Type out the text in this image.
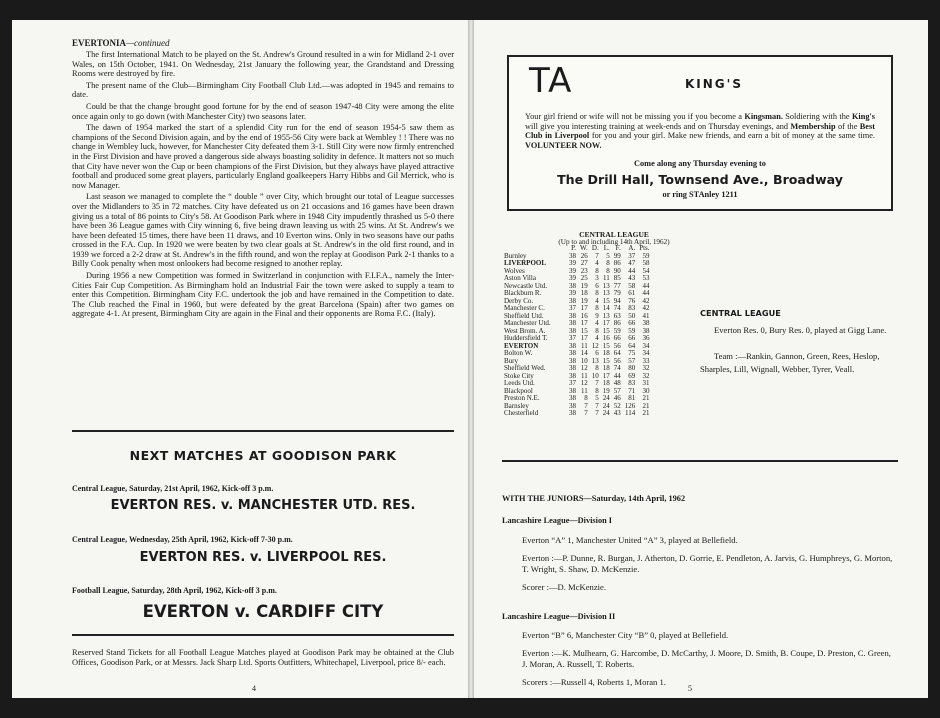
EVERTONIA—continued

The first International Match to be played on the St. Andrew's Ground resulted in a win for Midland 2-1 over Wales, on 15th October, 1941. On Wednesday, 21st January the following year, the Grandstand and Dressing Rooms were destroyed by fire.

The present name of the Club—Birmingham City Football Club Ltd.—was adopted in 1945 and remains to date.

Could be that the change brought good fortune for by the end of season 1947-48 City were among the elite once again only to go down (with Manchester City) two seasons later.

The dawn of 1954 marked the start of a splendid City run for the end of season 1954-5 saw them as champions of the Second Division again, and by the end of 1955-56 City were back at Wembley ! ! There was no change in Wembley luck, however, for Manchester City defeated them 3-1. Still City were now firmly entrenched in the First Division and have proved a dangerous side always boasting solidity in defence. It matters not so much that City have never won the Cup or been champions of the First Division, but they always have played attractive football and produced some great players, particularly England goalkeepers Harry Hibbs and Gil Merrick, who is now Manager.

Last season we managed to complete the “ double ” over City, which brought our total of League successes over the Midlanders to 35 in 72 matches. City have defeated us on 21 occasions and 16 games have been drawn giving us a total of 86 points to City's 58. At Goodison Park where in 1948 City impudently thrashed us 5-0 there have been 36 League games with City winning 6, five being drawn leaving us with 25 wins. At St. Andrew's we have been defeated 15 times, there have been 11 draws, and 10 Everton wins. Only in two seasons have our paths crossed in the F.A. Cup. In 1920 we were beaten by two clear goals at St. Andrew's in the old first round, and in 1939 we forced a 2-2 draw at St. Andrew's in the fifth round, and won the replay at Goodison Park 2-1 thanks to a Billy Cook penalty when most onlookers had become resigned to another replay.

During 1956 a new Competition was formed in Switzerland in conjunction with F.I.F.A., namely the Inter-Cities Fair Cup Competition. As Birmingham hold an Industrial Fair the town were asked to supply a team to enter this Competition. Birmingham City F.C. undertook the job and have remained in the Competition to date. The Club reached the Final in 1960, but were defeated by the great Barcelona (Spain) after two games on aggregate 4-1. At present, Birmingham City are again in the Final and their opponents are Roma F.C. (Italy).

NEXT MATCHES AT GOODISON PARK
Central League, Saturday, 21st April, 1962, Kick-off 3 p.m.
EVERTON RES. v. MANCHESTER UTD. RES.
Central League, Wednesday, 25th April, 1962, Kick-off 7-30 p.m.
EVERTON RES. v. LIVERPOOL RES.
Football League, Saturday, 28th April, 1962, Kick-off 3 p.m.
EVERTON v. CARDIFF CITY
Reserved Stand Tickets for all Football League Matches played at Goodison Park may be obtained at the Club Offices, Goodison Park, or at Messrs. Jack Sharp Ltd. Sports Outfitters, Whitechapel, Liverpool, price 8/- each.
4
TA	KING'S
Your girl friend or wife will not be missing you if you become a Kingsman. Soldiering with the King's will give you interesting training at week-ends and on Thursday evenings, and Membership of the Best Club in Liverpool for you and your girl. Make new friends, and earn a bit of money at the same time. VOLUNTEER NOW.
Come along any Thursday evening to
The Drill Hall, Townsend Ave., Broadway
or ring STAnley 1211
CENTRAL LEAGUE
(Up to and including 14th April, 1962)
	P.	W.	D.	L.	F.	A.	Pts.
Burnley	38	26	7	5	99	37	59
LIVERPOOL	39	27	4	8	86	47	58
Wolves	39	23	8	8	90	44	54
Aston Villa	39	25	3	11	85	43	53
Newcastle Utd.	38	19	6	13	77	58	44
Blackburn R.	39	18	8	13	79	61	44
Derby Co.	38	19	4	15	94	76	42
Manchester C.	37	17	8	14	74	83	42
Sheffield Utd.	38	16	9	13	63	50	41
Manchester Utd.	38	17	4	17	86	66	38
West Brom. A.	38	15	8	15	59	59	38
Huddersfield T.	37	17	4	16	66	66	36
EVERTON	38	11	12	15	56	64	34
Bolton W.	38	14	6	18	64	75	34
Bury	38	10	13	15	56	57	33
Sheffield Wed.	38	12	8	18	74	80	32
Stoke City	38	11	10	17	44	69	32
Leeds Utd.	37	12	7	18	48	83	31
Blackpool	38	11	8	19	57	71	30
Preston N.E.	38	8	5	24	46	81	21
Barnsley	38	7	7	24	52	126	21
Chesterfield	38	7	7	24	43	114	21
CENTRAL LEAGUE
Everton Res. 0, Bury Res. 0, played at Gigg Lane.
Team :—Rankin, Gannon, Green, Rees, Heslop, Sharples, Lill, Wignall, Webber, Tyrer, Veall.
WITH THE JUNIORS—Saturday, 14th April, 1962
Lancashire League—Division I

Everton “A” 1, Manchester United “A” 3, played at Bellefield.

Everton :—P. Dunne, R. Burgan, J. Atherton, D. Gorrie, E. Pendleton, A. Jarvis, G. Humphreys, G. Morton, T. Wright, S. Shaw, D. McKenzie.

Scorer :—D. McKenzie.

Lancashire League—Division II

Everton “B” 6, Manchester City “B” 0, played at Bellefield.

Everton :—K. Mulhearn, G. Harcombe, D. McCarthy, J. Moore, D. Smith, B. Coupe, D. Preston, C. Green, J. Moran, A. Russell, T. Roberts.

Scorers :—Russell 4, Roberts 1, Moran 1.

5
